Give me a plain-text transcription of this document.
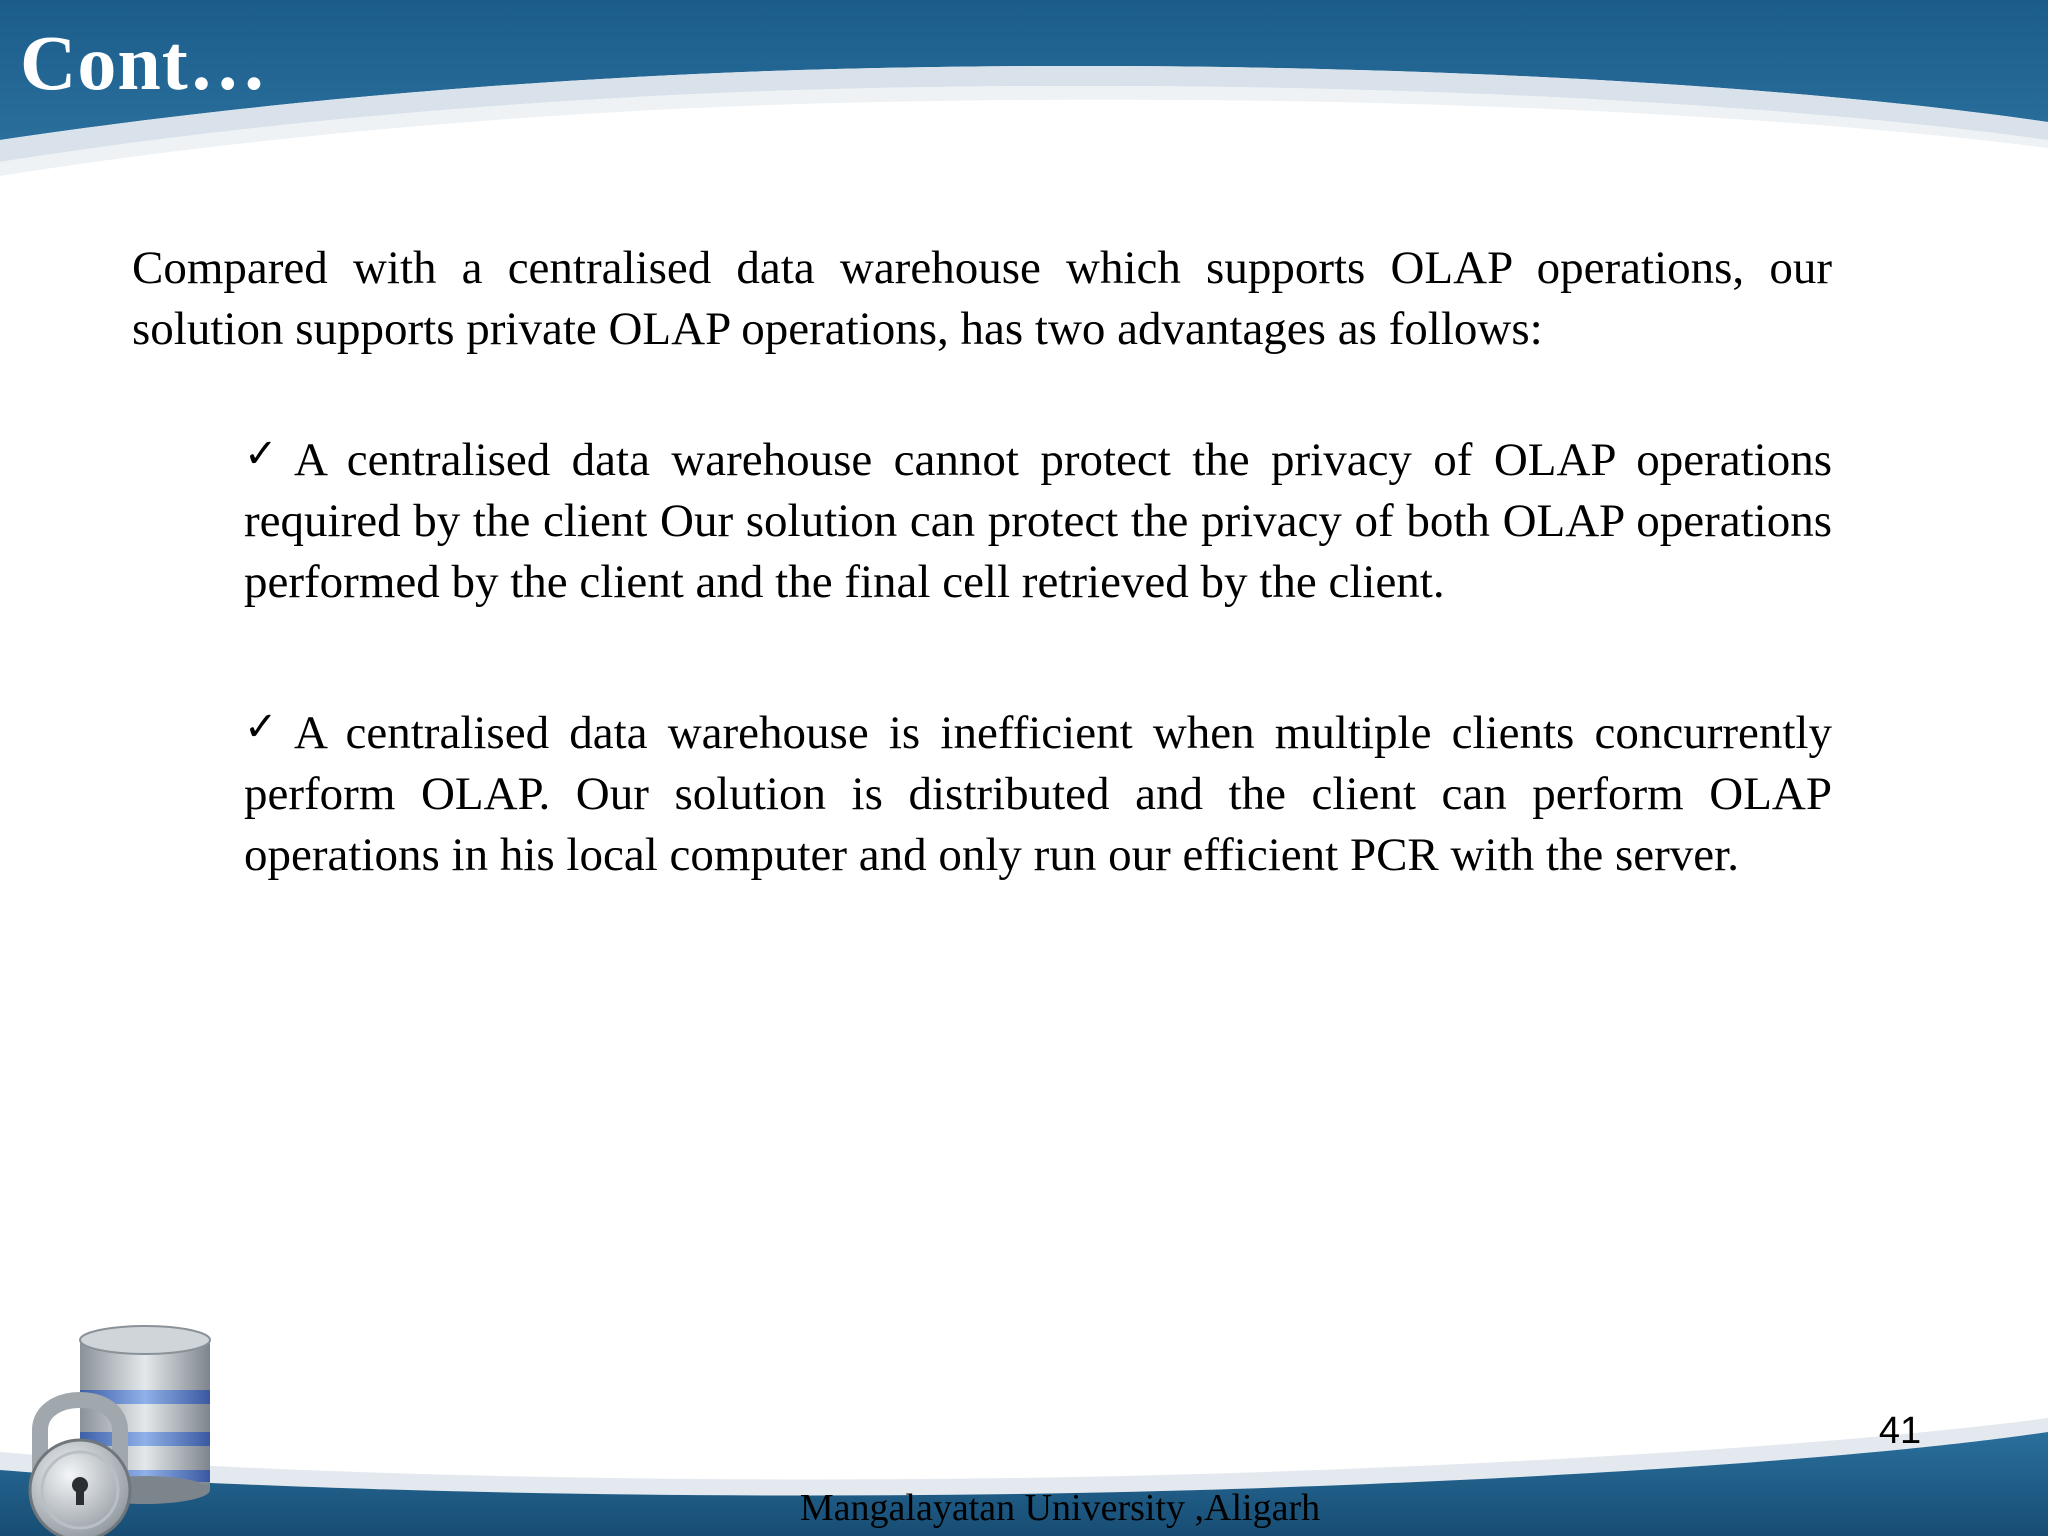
Cont…

Compared with a centralised data warehouse which supports OLAP operations, our solution supports private OLAP operations, has two advantages as follows:

✓ A centralised data warehouse cannot protect the privacy of OLAP operations required by the client Our solution can protect the privacy of both OLAP operations performed by the client and the final cell retrieved by the client.
✓ A centralised data warehouse is inefficient when multiple clients concurrently perform OLAP. Our solution is distributed and the client can perform OLAP operations in his local computer and only run our efficient PCR with the server.
41
Mangalayatan University ,Aligarh
